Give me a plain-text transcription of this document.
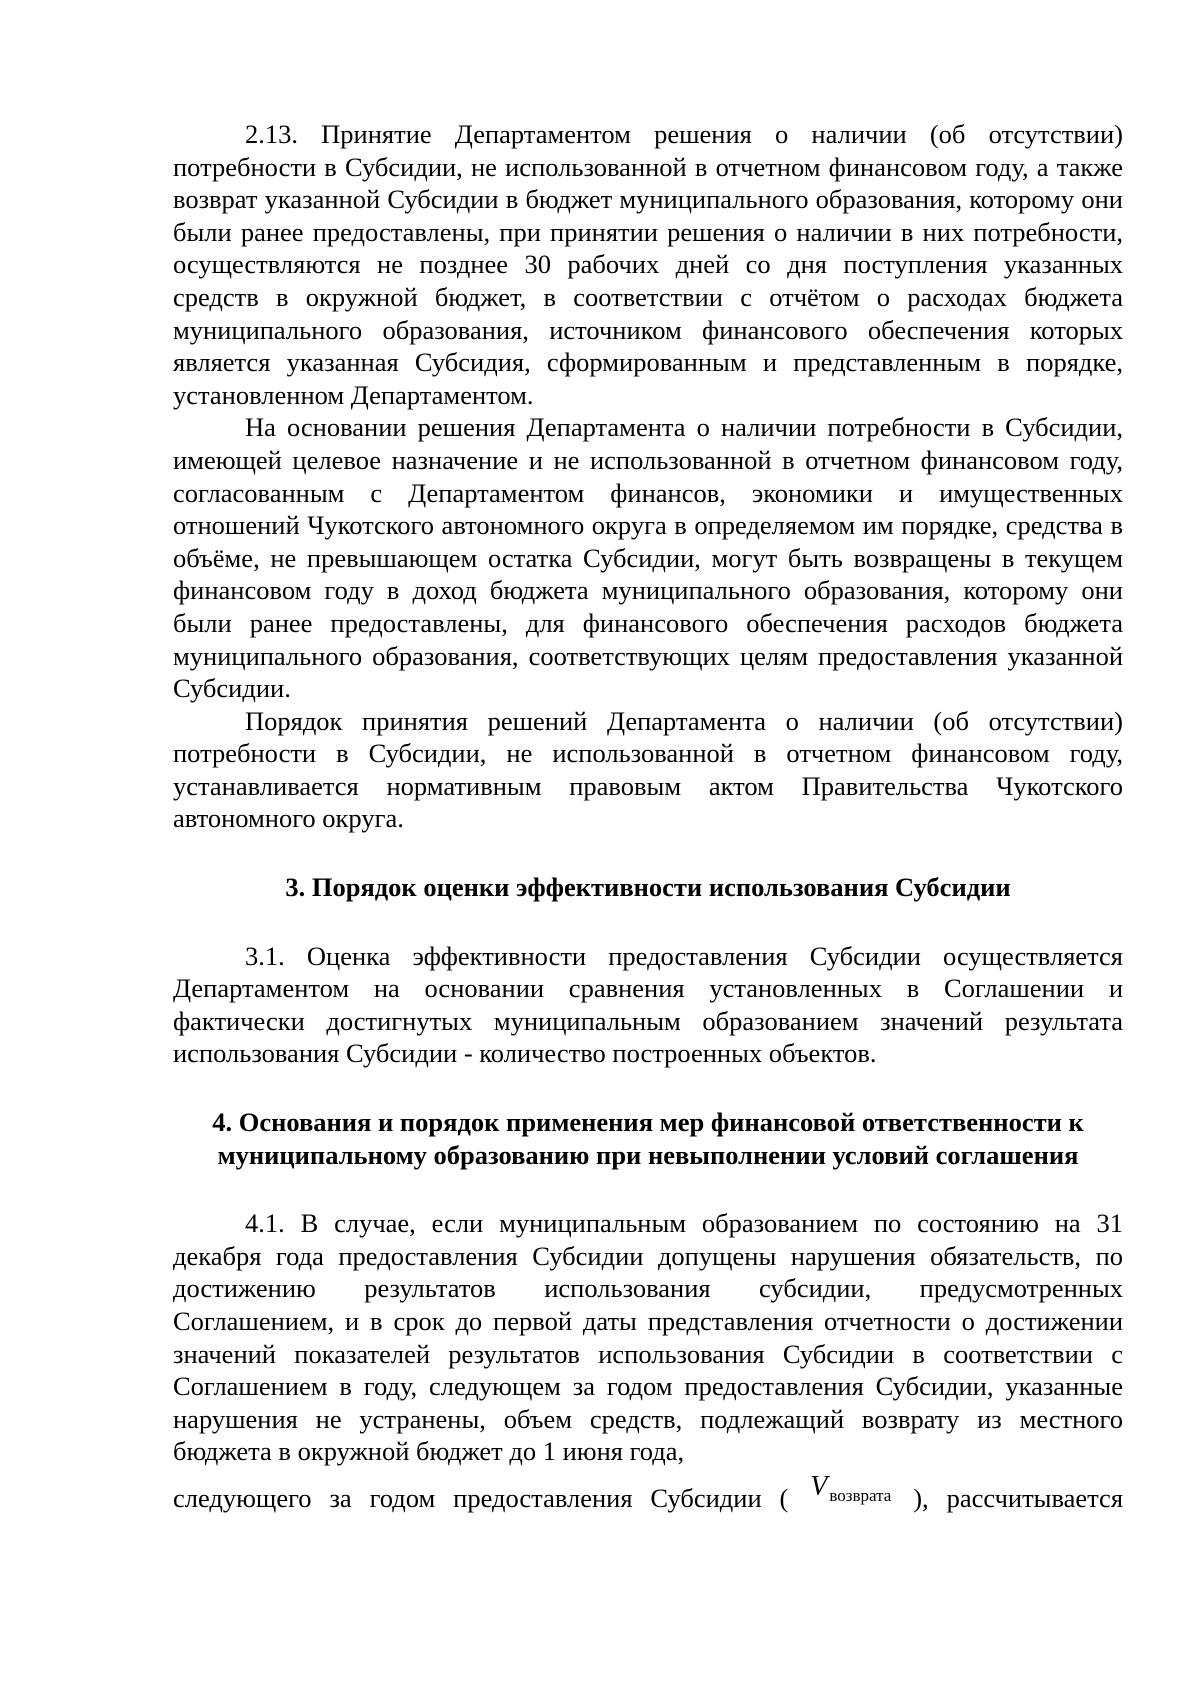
2.13. Принятие Департаментом решения о наличии (об отсутствии) потребности в Субсидии, не использованной в отчетном финансовом году, а также возврат указанной Субсидии в бюджет муниципального образования, которому они были ранее предоставлены, при принятии решения о наличии в них потребности, осуществляются не позднее 30 рабочих дней со дня поступления указанных средств в окружной бюджет, в соответствии с отчётом о расходах бюджета муниципального образования, источником финансового обеспечения которых является указанная Субсидия, сформированным и представленным в порядке, установленном Департаментом.

На основании решения Департамента о наличии потребности в Субсидии, имеющей целевое назначение и не использованной в отчетном финансовом году, согласованным с Департаментом финансов, экономики и имущественных отношений Чукотского автономного округа в определяемом им порядке, средства в объёме, не превышающем остатка Субсидии, могут быть возвращены в текущем финансовом году в доход бюджета муниципального образования, которому они были ранее предоставлены, для финансового обеспечения расходов бюджета муниципального образования, соответствующих целям предоставления указанной Субсидии.

Порядок принятия решений Департамента о наличии (об отсутствии) потребности в Субсидии, не использованной в отчетном финансовом году, устанавливается нормативным правовым актом Правительства Чукотского автономного округа.

3. Порядок оценки эффективности использования Субсидии

3.1. Оценка эффективности предоставления Субсидии осуществляется Департаментом на основании сравнения установленных в Соглашении и фактически достигнутых муниципальным образованием значений результата использования Субсидии - количество построенных объектов.

4. Основания и порядок применения мер финансовой ответственности к муниципальному образованию при невыполнении условий соглашения

4.1. В случае, если муниципальным образованием по состоянию на 31 декабря года предоставления Субсидии допущены нарушения обязательств, по достижению результатов использования субсидии, предусмотренных Соглашением, и в срок до первой даты представления отчетности о достижении значений показателей результатов использования Субсидии в соответствии с Соглашением в году, следующем за годом предоставления Субсидии, указанные нарушения не устранены, объем средств, подлежащий возврату из местного бюджета в окружной бюджет до 1 июня года,

следующего за годом предоставления Субсидии ( V $^{возврата}$ ), рассчитывается
